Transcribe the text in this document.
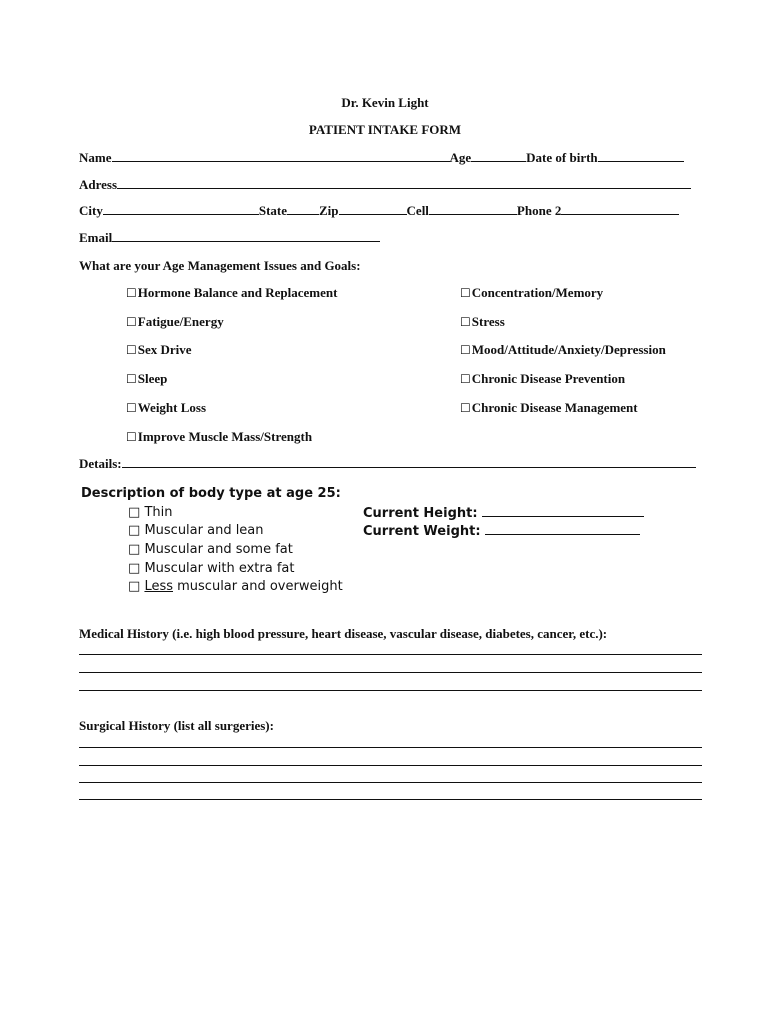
Dr. Kevin Light
PATIENT INTAKE FORM
Name	Age	Date of birth
Adress
City	State Zip	Cell	Phone 2
Email
What are your Age Management Issues and Goals:
☐Hormone Balance and Replacement
☐Fatigue/Energy
☐Sex Drive
☐Sleep
☐Weight Loss
☐Improve Muscle Mass/Strength
☐Concentration/Memory
☐Stress
☐Mood/Attitude/Anxiety/Depression
☐Chronic Disease Prevention
☐Chronic Disease Management
Details:
Description of body type at age 25:
□ Thin
□ Muscular and lean
□ Muscular and some fat
□ Muscular with extra fat
□ Less muscular and overweight
Current Height:
Current Weight:
Medical History (i.e. high blood pressure, heart disease, vascular disease, diabetes, cancer, etc.):
Surgical History (list all surgeries):
